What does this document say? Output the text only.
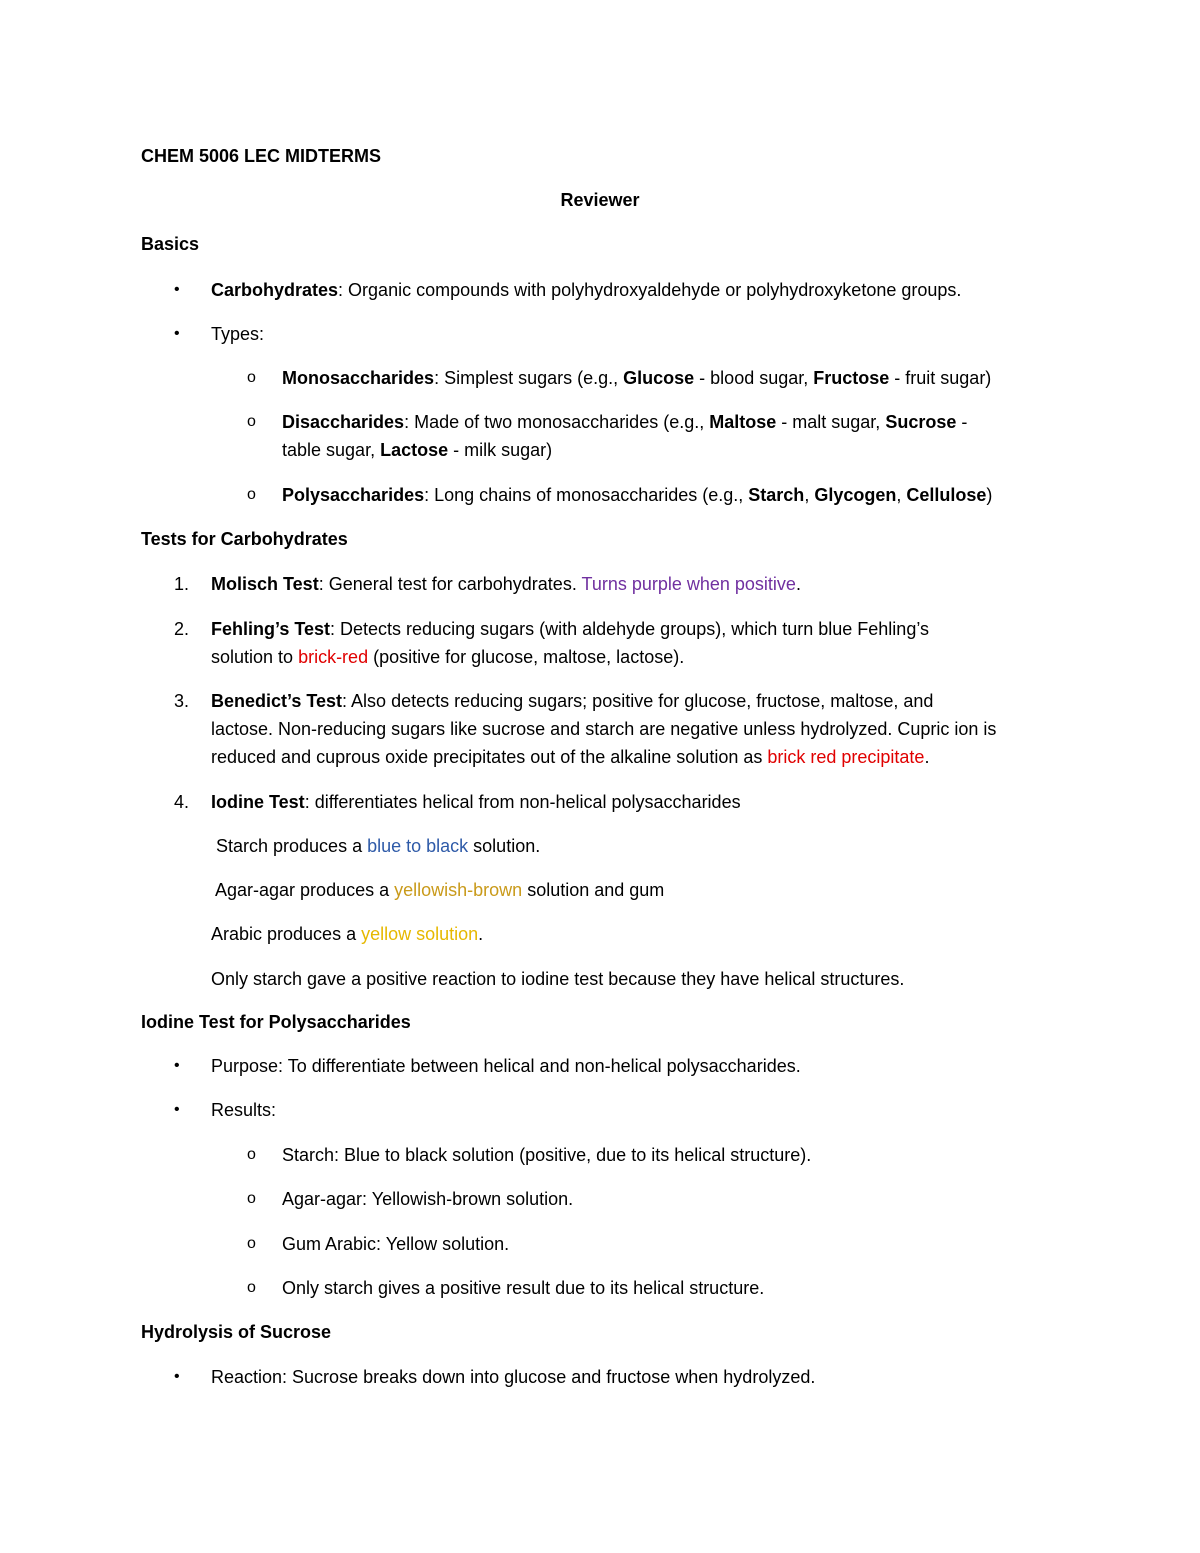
CHEM 5006 LEC MIDTERMS
Reviewer
Basics
• Carbohydrates: Organic compounds with polyhydroxyaldehyde or polyhydroxyketone groups.
• Types:
o Monosaccharides: Simplest sugars (e.g., Glucose - blood sugar, Fructose - fruit sugar)
o Disaccharides: Made of two monosaccharides (e.g., Maltose - malt sugar, Sucrose -
table sugar, Lactose - milk sugar)
o Polysaccharides: Long chains of monosaccharides (e.g., Starch, Glycogen, Cellulose)
Tests for Carbohydrates
1. Molisch Test: General test for carbohydrates. Turns purple when positive.
2. Fehling’s Test: Detects reducing sugars (with aldehyde groups), which turn blue Fehling’s
solution to brick-red (positive for glucose, maltose, lactose).
3. Benedict’s Test: Also detects reducing sugars; positive for glucose, fructose, maltose, and
lactose. Non-reducing sugars like sucrose and starch are negative unless hydrolyzed. Cupric ion is
reduced and cuprous oxide precipitates out of the alkaline solution as brick red precipitate.
4. Iodine Test: differentiates helical from non-helical polysaccharides
Starch produces a blue to black solution.
Agar-agar produces a yellowish-brown solution and gum
Arabic produces a yellow solution.
Only starch gave a positive reaction to iodine test because they have helical structures.
Iodine Test for Polysaccharides
• Purpose: To differentiate between helical and non-helical polysaccharides.
• Results:
o Starch: Blue to black solution (positive, due to its helical structure).
o Agar-agar: Yellowish-brown solution.
o Gum Arabic: Yellow solution.
o Only starch gives a positive result due to its helical structure.
Hydrolysis of Sucrose
• Reaction: Sucrose breaks down into glucose and fructose when hydrolyzed.
